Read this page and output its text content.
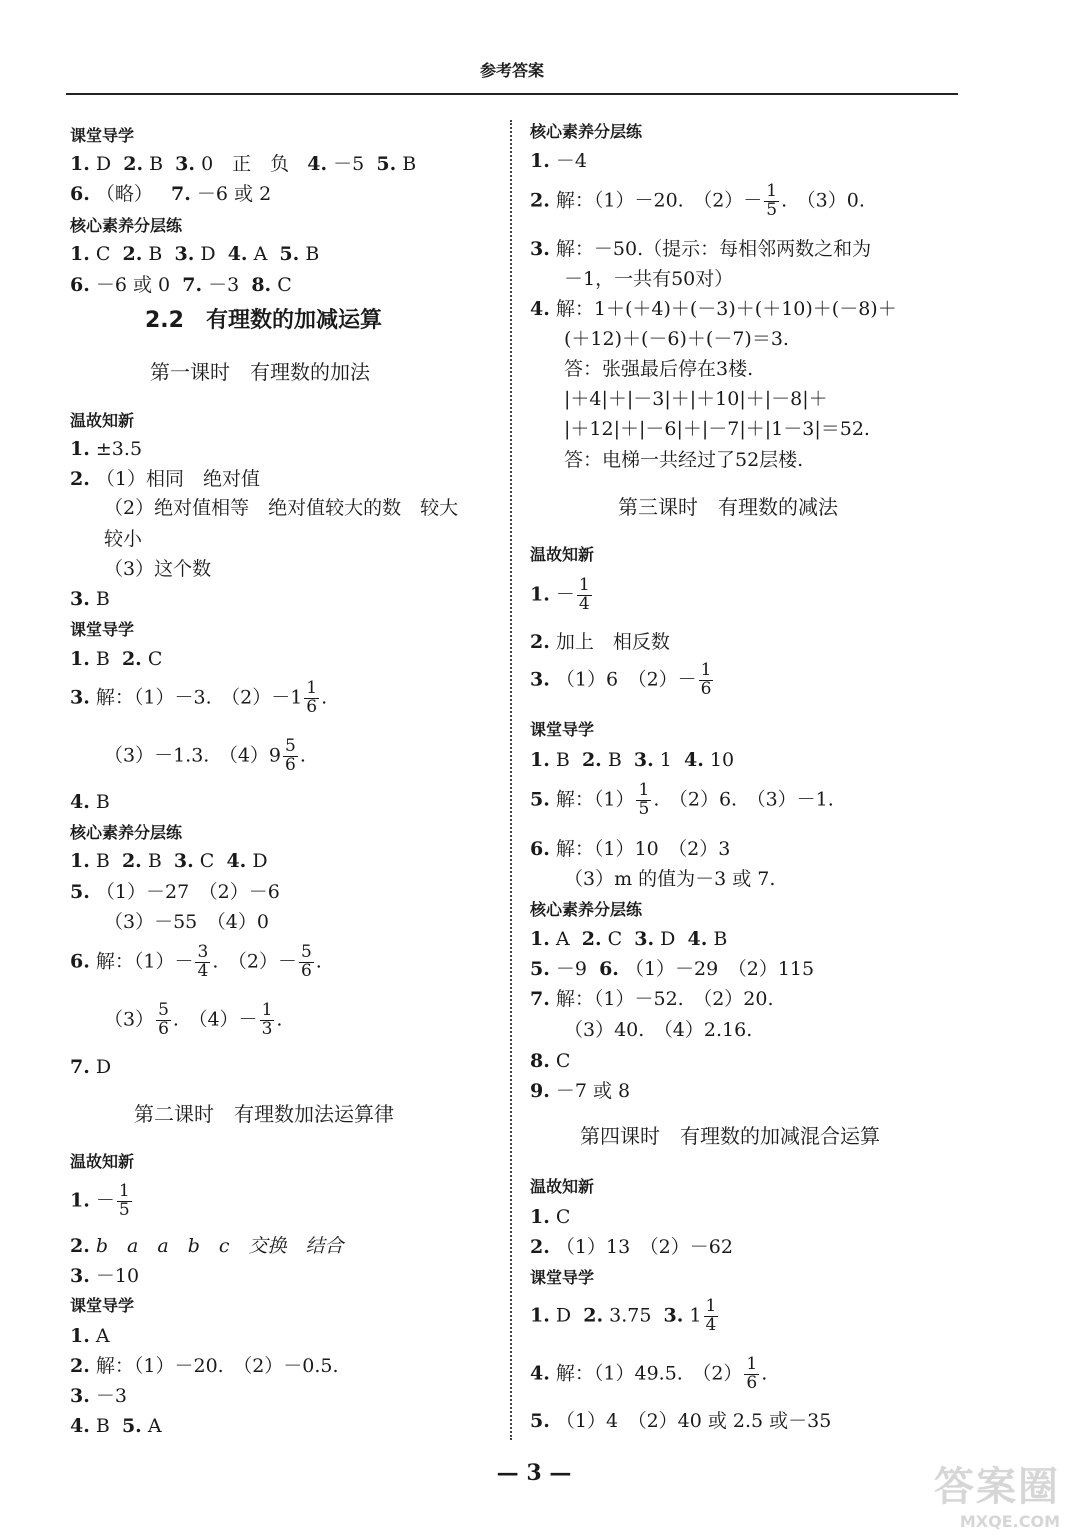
参考答案
课堂导学
1. D 2. B 3. 0　正　负 4. －5 5. B
6. （略） 7. －6 或 2
核心素养分层练
1. C 2. B 3. D 4. A 5. B
6. －6 或 0 7. －3 8. C
2.2　有理数的加减运算
第一课时　有理数的加法
温故知新
1. ±3.5
2. （1）相同　绝对值
（2）绝对值相等　绝对值较大的数　较大
较小
（3）这个数
3. B
课堂导学
1. B 2. C
3. 解：（1）－3.　$(2)-1 \frac{1}{6}$ .
（3）－1.3.　$(4)9 \frac{5}{6}$ .
4. B
核心素养分层练
1. B 2. B 3. C 4. D
5. （1）－27　（2）－6
（3）－55　（4）0
6. 解：$(1)- \frac{3}{4}$ .　$(2)- \frac{5}{6}$ .
$(3) \frac{5}{6}$ .　$(4)- \frac{1}{3}$ .
7. D
第二课时　有理数加法运算律
温故知新
1. － $\frac{1}{5}$
2. b　a　a　b　c　交换　结合
3. －10
课堂导学
1. A
2. 解：（1）－20.　（2）－0.5.
3. －3
4. B 5. A
核心素养分层练
1. －4
2. 解：（1）－20.　$(2)- \frac{1}{5}$ .　（3）0.
3. 解：－50.（提示：每相邻两数之和为
－1，一共有50对）
4. 解：1＋(＋4)＋(－3)＋(＋10)＋(－8)＋
(＋12)＋(－6)＋(－7)＝3.
答：张强最后停在3楼.
|＋4|＋|－3|＋|＋10|＋|－8|＋
|＋12|＋|－6|＋|－7|＋|1－3|＝52.
答：电梯一共经过了52层楼.
第三课时　有理数的减法
温故知新
1. － $\frac{1}{4}$
2. 加上　相反数
3. （1）6　$(2)- \frac{1}{6}$
课堂导学
1. B 2. B 3. 1 4. 10
5. 解：$(1) \frac{1}{5}$ .　（2）6.　（3）－1.
6. 解：（1）10　（2）3
（3）m 的值为－3 或 7.
核心素养分层练
1. A 2. C 3. D 4. B
5. －9 6. （1）－29　（2）115
7. 解：（1）－52.　（2）20.
（3）40.　（4）2.16.
8. C
9. －7 或 8
第四课时　有理数的加减混合运算
温故知新
1. C
2. （1）13　（2）－62
课堂导学
1. D 2. 3.75 3. $1 \frac{1}{4}$
4. 解：（1）49.5.　$(2) \frac{1}{6}$ .
5. （1）4　（2）40 或 2.5 或－35
— 3 —	答案圈
MXQE.COM
